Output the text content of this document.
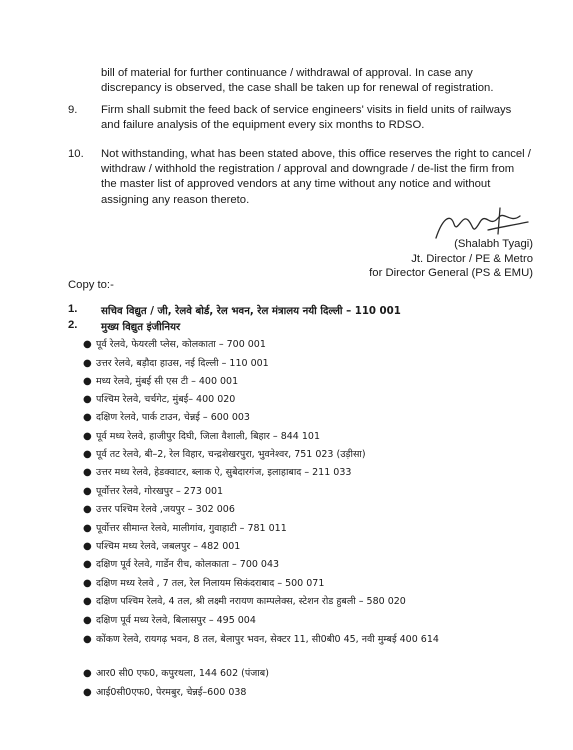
bill of material for further continuance / withdrawal of approval. In case any discrepancy is observed, the case shall be taken up for renewal of registration.
9. Firm shall submit the feed back of service engineers' visits in field units of railways and failure analysis of the equipment every six months to RDSO.
10. Not withstanding, what has been stated above, this office reserves the right to cancel / withdraw / withhold the registration / approval and downgrade / de-list the firm from the master list of approved vendors at any time without any notice and without assigning any reason thereto.
(Shalabh Tyagi)
Jt. Director / PE & Metro
for Director General (PS & EMU)
Copy to:-
1. सचिव विद्युत / जी, रेलवे बोर्ड, रेल भवन, रेल मंत्रालय नयी दिल्ली – 110 001
2. मुख्य विद्युत इंजीनियर
● पूर्व रेलवे, फेयरली प्लेस, कोलकाता – 700 001
● उत्तर रेलवे, बड़ौदा हाउस, नई दिल्ली – 110 001
● मध्य रेलवे, मुंबई सी एस टी – 400 001
● पश्चिम रेलवे, चर्चगेट, मुंबई– 400 020
● दक्षिण रेलवे, पार्क टाउन, चेन्नई – 600 003
● पूर्व मध्य रेलवे, हाजीपुर दिघी, जिला वैशाली, बिहार – 844 101
● पूर्व तट रेलवे, बी–2, रेल विहार, चन्द्रशेखरपुरा, भुवनेश्वर, 751 023 (उड़ीसा)
● उत्तर मध्य रेलवे, हेडक्वाटर, ब्लाक ऐ, सुबेदारगंज, इलाहाबाद – 211 033
● पूर्वोत्तर रेलवे, गोरखपुर – 273 001
● उत्तर पश्चिम रेलवे ,जयपुर – 302 006
● पूर्वोत्तर सीमान्त रेलवे, मालीगांव, गुवाहाटी – 781 011
● पश्चिम मध्य रेलवे, जबलपुर – 482 001
● दक्षिण पूर्व रेलवे, गार्डेन रीच, कोलकाता – 700 043
● दक्षिण मध्य रेलवे , 7 तल, रेल निलायम सिकंदराबाद – 500 071
● दक्षिण पश्चिम रेलवे, 4 तल, श्री लक्ष्मी नरायण काम्पलेक्स, स्टेशन रोड हुबली – 580 020
● दक्षिण पूर्व मध्य रेलवे, बिलासपुर – 495 004
● कोंकण रेलवे, रायगढ़ भवन, 8 तल, बेलापुर भवन, सेक्टर 11, सी0बी0 45, नवी मुम्बई 400 614
● आर0 सी0 एफ0, कपुरथला, 144 602 (पंजाब)
● आई0सी0एफ0, पेरमबुर, चेन्नई–600 038
